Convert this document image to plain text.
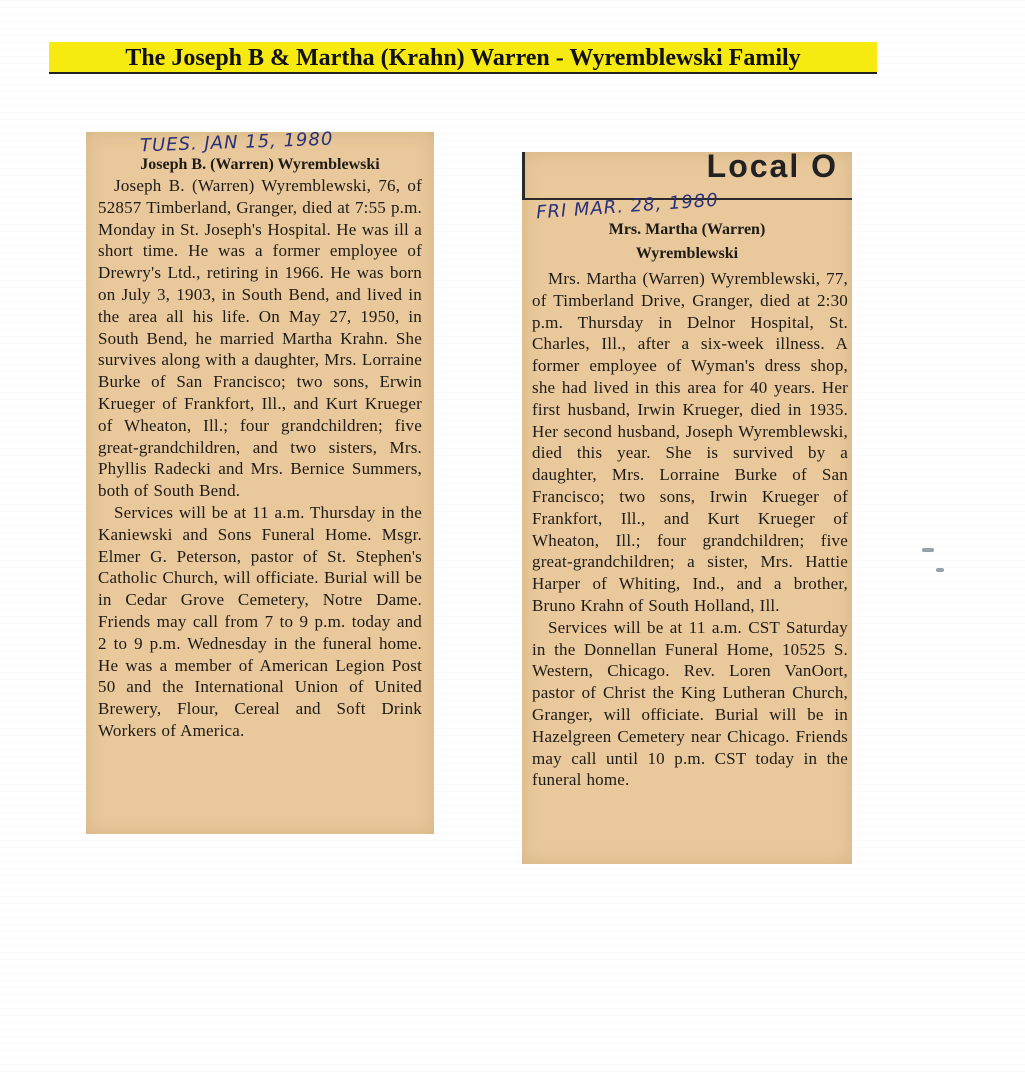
The Joseph B & Martha (Krahn) Warren - Wyremblewski Family
TUES. JAN 15, 1980
Joseph B. (Warren) Wyremblewski

Joseph B. (Warren) Wyremblewski, 76, of 52857 Timberland, Granger, died at 7:55 p.m. Monday in St. Joseph's Hospital. He was ill a short time. He was a former employee of Drewry's Ltd., retiring in 1966. He was born on July 3, 1903, in South Bend, and lived in the area all his life. On May 27, 1950, in South Bend, he married Martha Krahn. She survives along with a daughter, Mrs. Lorraine Burke of San Francisco; two sons, Erwin Krueger of Frankfort, Ill., and Kurt Krueger of Wheaton, Ill.; four grandchildren; five great-grandchildren, and two sisters, Mrs. Phyllis Radecki and Mrs. Bernice Summers, both of South Bend.

Services will be at 11 a.m. Thursday in the Kaniewski and Sons Funeral Home. Msgr. Elmer G. Peterson, pastor of St. Stephen's Catholic Church, will officiate. Burial will be in Cedar Grove Cemetery, Notre Dame. Friends may call from 7 to 9 p.m. today and 2 to 9 p.m. Wednesday in the funeral home. He was a member of American Legion Post 50 and the International Union of United Brewery, Flour, Cereal and Soft Drink Workers of America.

Local O
FRI MAR. 28, 1980
Mrs. Martha (Warren)
Wyremblewski

Mrs. Martha (Warren) Wyremblewski, 77, of Timberland Drive, Granger, died at 2:30 p.m. Thursday in Delnor Hospital, St. Charles, Ill., after a six-week illness. A former employee of Wyman's dress shop, she had lived in this area for 40 years. Her first husband, Irwin Krueger, died in 1935. Her second husband, Joseph Wyremblewski, died this year. She is survived by a daughter, Mrs. Lorraine Burke of San Francisco; two sons, Irwin Krueger of Frankfort, Ill., and Kurt Krueger of Wheaton, Ill.; four grandchildren; five great-grandchildren; a sister, Mrs. Hattie Harper of Whiting, Ind., and a brother, Bruno Krahn of South Holland, Ill.

Services will be at 11 a.m. CST Saturday in the Donnellan Funeral Home, 10525 S. Western, Chicago. Rev. Loren VanOort, pastor of Christ the King Lutheran Church, Granger, will officiate. Burial will be in Hazelgreen Cemetery near Chicago. Friends may call until 10 p.m. CST today in the funeral home.
